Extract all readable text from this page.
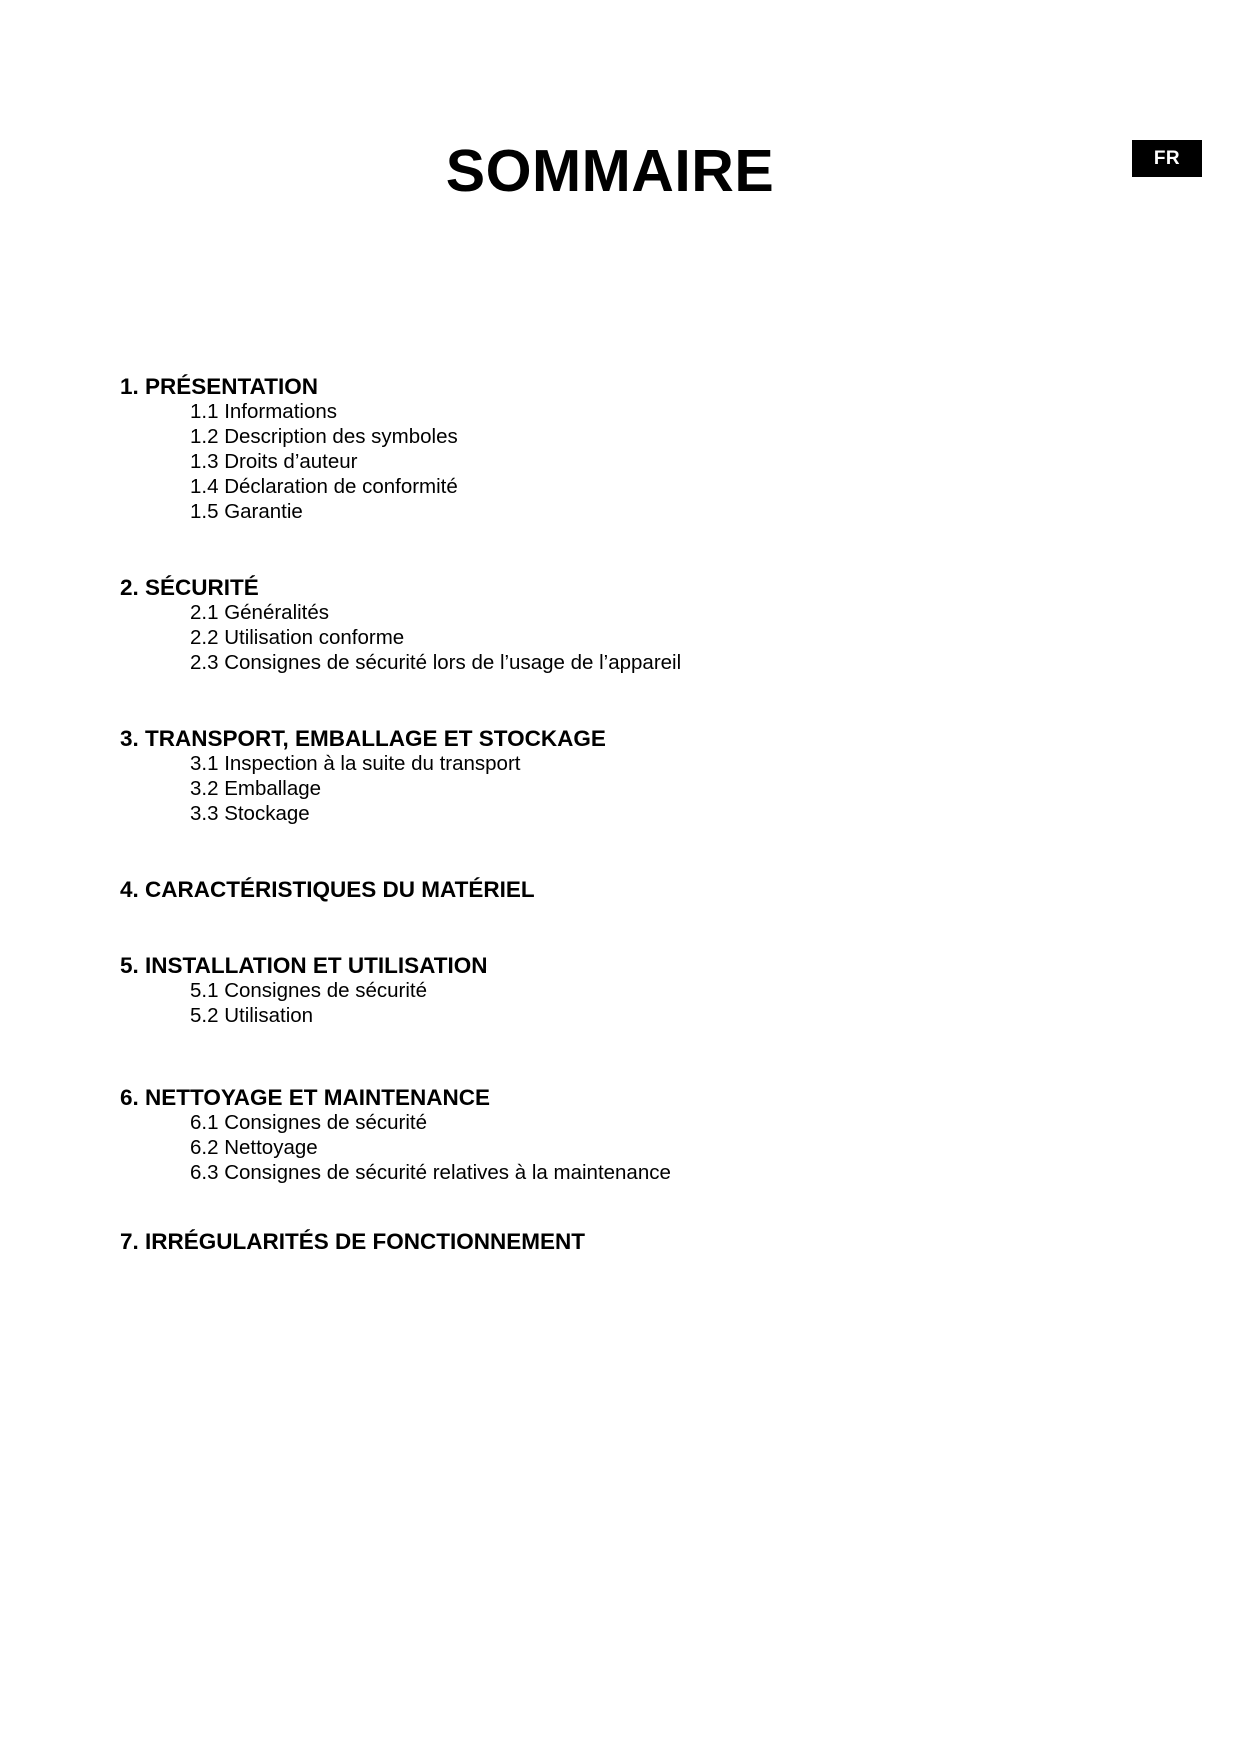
FR
SOMMAIRE
1. PRÉSENTATION
1.1 Informations
1.2 Description des symboles
1.3 Droits d’auteur
1.4 Déclaration de conformité
1.5 Garantie
2. SÉCURITÉ
2.1 Généralités
2.2 Utilisation conforme
2.3 Consignes de sécurité lors de l’usage de l’appareil
3. TRANSPORT, EMBALLAGE ET STOCKAGE
3.1 Inspection à la suite du transport
3.2 Emballage
3.3 Stockage
4. CARACTÉRISTIQUES DU MATÉRIEL
5. INSTALLATION ET UTILISATION
5.1 Consignes de sécurité
5.2 Utilisation
6. NETTOYAGE ET MAINTENANCE
6.1 Consignes de sécurité
6.2 Nettoyage
6.3 Consignes de sécurité relatives à la maintenance
7. IRRÉGULARITÉS DE FONCTIONNEMENT
